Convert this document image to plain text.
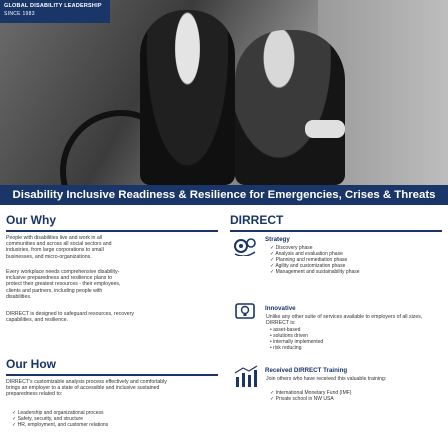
GLOBAL DISABILITY LEADERSHIP
SINCE 1983
Disability Inclusive Readiness & Resilience for Emergencies, Crises & Threats
Our Why
People with disabilities live and work in all communities and across all social sectors and industries, from large corporations to small businesses, and micro-organizations.
Every workplace needs comprehensive disability-inclusive preparedness and resilience plans to protect their greatest resources - their employees, clients and partners, including people with disabilities.
DIRRECT is designed to safeguard resources, recovery capabilities, and resilience.
Our How
DIRRECT's customizable analysis process effectively and comfortably brings an employer to a state of accessible and inclusive sustained preparedness related to:
✓ Leadership and organizational process
✓ Safety, security, and structure
✓ HR, employment, and customer relations
DIRRECT
Strategy
✓ Discovery phase
✓ Analysis and evaluation phase
✓ Planning and remediation phase
✓ Agility and customization phase
✓ Management and sustainability phase
Innovative
Unlike any other suite of services available to employers of all sizes, DIRRECT is:
• asset-based
• solutions driven
• internally implemented
• risk reducing
Received DIRRECT Training
Join others who have received this valuable training:
✓ International Monetary Fund (IMF)
✓ Private school in NW USA
